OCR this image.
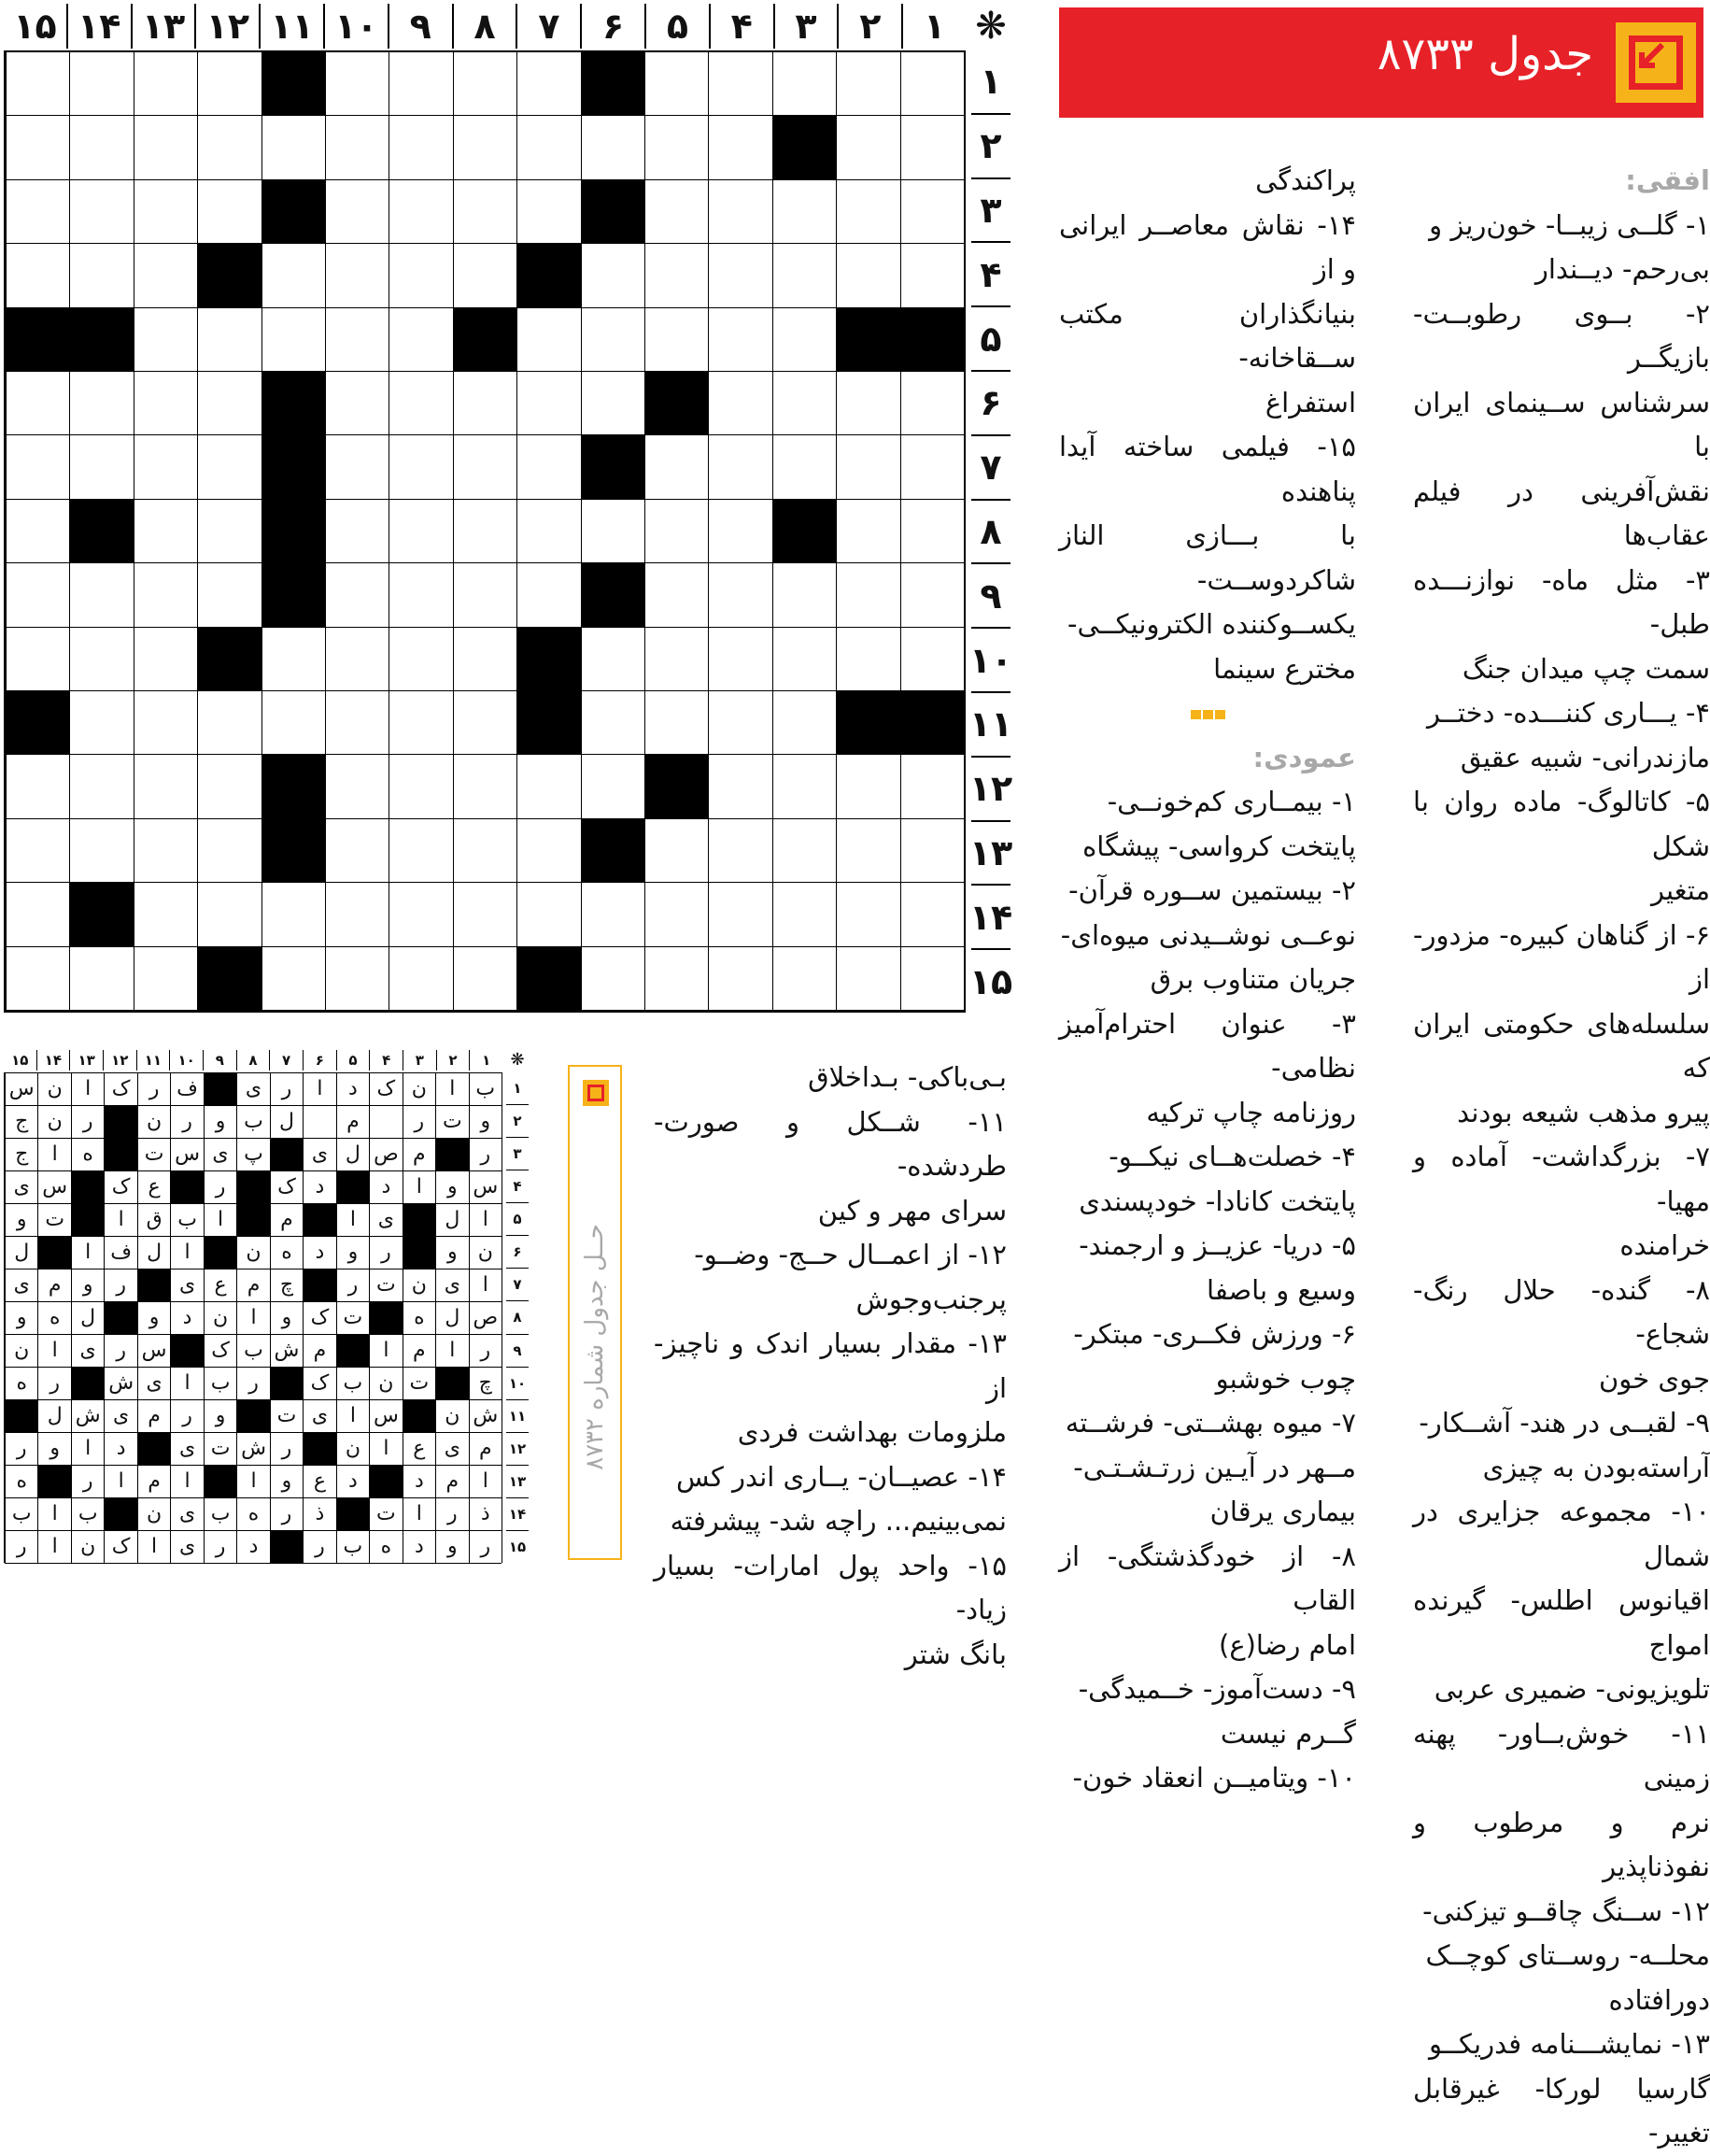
جدول ۸۷۳۳
افقی:
۱- گلــی زیبــا- خون‌ریز و
بی‌رحم- دیــندار
۲- بــوی رطوبــت- بازیگــر
سرشناس ســینمای ایران با
نقش‌آفرینی در فیلم عقاب‌ها
۳- مثل ماه- نوازنـــده طبل-
سمت چپ میدان جنگ
۴- یـــاری کننـــده- دختــر
مازندرانی- شبیه عقیق
۵- کاتالوگ- ماده روان با شکل
متغیر
۶- از گناهان کبیره- مزدور- از
سلسله‌های حکومتی ایران که
پیرو مذهب شیعه بودند
۷- بزرگداشت- آماده و مهیا-
خرامنده
۸- گنده- حلال رنگ- شجاع-
جوی خون
۹- لقبــی در هند- آشــکار-
آراسته‌بودن به چیزی
۱۰- مجموعه جزایری در شمال
اقیانوس اطلس- گیرنده امواج
تلویزیونی- ضمیری عربی
۱۱- خوش‌بــاور- پهنه زمینی
نرم و مرطوب و نفوذناپذیر
۱۲- ســنگ چاقــو تیزکنی-
محلــه- روســتای کوچــک
دورافتاده
۱۳- نمایشـــنامه فدریکــو
گارسیا لورکا- غیرقابل تغییر-
پراکندگی
۱۴- نقاش معاصــر ایرانی و از
بنیانگذاران مکتب ســقاخانه-
استفراغ
۱۵- فیلمی ساخته آیدا پناهنده
با بـــازی الناز شاکردوســت-
یکســوکننده الکترونیکــی-
مخترع سینما
عمودی:
۱- بیمــاری کم‌خونــی-
پایتخت کرواسی- پیشگاه
۲- بیستمین ســوره قرآن-
نوعــی نوشــیدنی میوه‌ای-
جریان متناوب برق
۳- عنوان احترام‌آمیز نظامی-
روزنامه چاپ ترکیه
۴- خصلت‌هــای نیکــو-
پایتخت کانادا- خودپسندی
۵- دریا- عزیــز و ارجمند-
وسیع و باصفا
۶- ورزش فکــری- مبتکر-
چوب خوشبو
۷- میوه بهشــتی- فرشــته
مــهر در آیـین زرتـشـتـی-
بیماری یرقان
۸- از خودگذشتگی- از القاب
امام رضا(ع)
۹- دست‌آموز- خــمیدگی-
گــرم نیست
۱۰- ویتامیــن انعقاد خون-
بـی‌باکی- بـداخلاق
۱۱- شــکل و صورت- طردشده-
سرای مهر و کین
۱۲- از اعمــال حــج- وضــو-
پرجنب‌وجوش
۱۳- مقدار بسیار اندک و ناچیز- از
ملزومات بهداشت فردی
۱۴- عصیــان- یــاری اندر کس
نمی‌بینیم... راچه شد- پیشرفته
۱۵- واحد پول امارات- بسیار زیاد-
بانگ شتر
۱
۲
۳
۴
۵
۶
۷
۸
۹
۱۰
۱۱
۱۲
۱۳
۱۴
۱۵	❋
۱
۲
۳
۴
۵
۶
۷
۸
۹
۱۰
۱۱
۱۲
۱۳
۱۴
۱۵
۱
۲
۳
۴
۵
۶
۷
۸
۹
۱۰
۱۱
۱۲
۱۳
۱۴
۱۵	❋
ب
ا
ن
ک
د
ا
ر
ی
ف
ر
ک
ا
ن
س
و
ت
ر
م
ل
ب
و
ر
ن
ر
ن
ج
ر
م
ص
ل
ی
پ
ی
س
ت
ه
ا
ج
س
و
ا
د
د
ک
ر
ع
ک
س
ی
ا
ل
ی
ا
م
ا
ب
ق
ا
ت
و
ن
و
ر
و
د
ه
ن
ا
ل
ف
ا
ل
ا
ی
ن
ت
ر
چ
م
ع
ی
ر
و
م
ی
ص
ل
ه
ت
ک
و
ا
ن
د
و
ل
ه
و
ر
ا
م
ا
م
ش
ب
ک
س
ر
ی
ا
ن
چ
ت
ن
ب
ک
ر
ب
ا
ی
ش
ر
ه
ش
ن
س
ا
ی
ت
و
ر
م
ی
ش
ل
م
ی
ع
ا
ن
ر
ش
ت
ی
د
ا
و
ر
ا
م
د
د
ع
و
ا
ا
م
ا
ر
ه
ذ
ر
ا
ت
ذ
ر
ه
ب
ی
ن
ب
ا
ب
ر
و
د
ه
ب
ر
د
ر
ی
ا
ک
ن
ا
ر
۱
۲
۳
۴
۵
۶
۷
۸
۹
۱۰
۱۱
۱۲
۱۳
۱۴
۱۵
حــل جدول شماره ۸۷۳۲
